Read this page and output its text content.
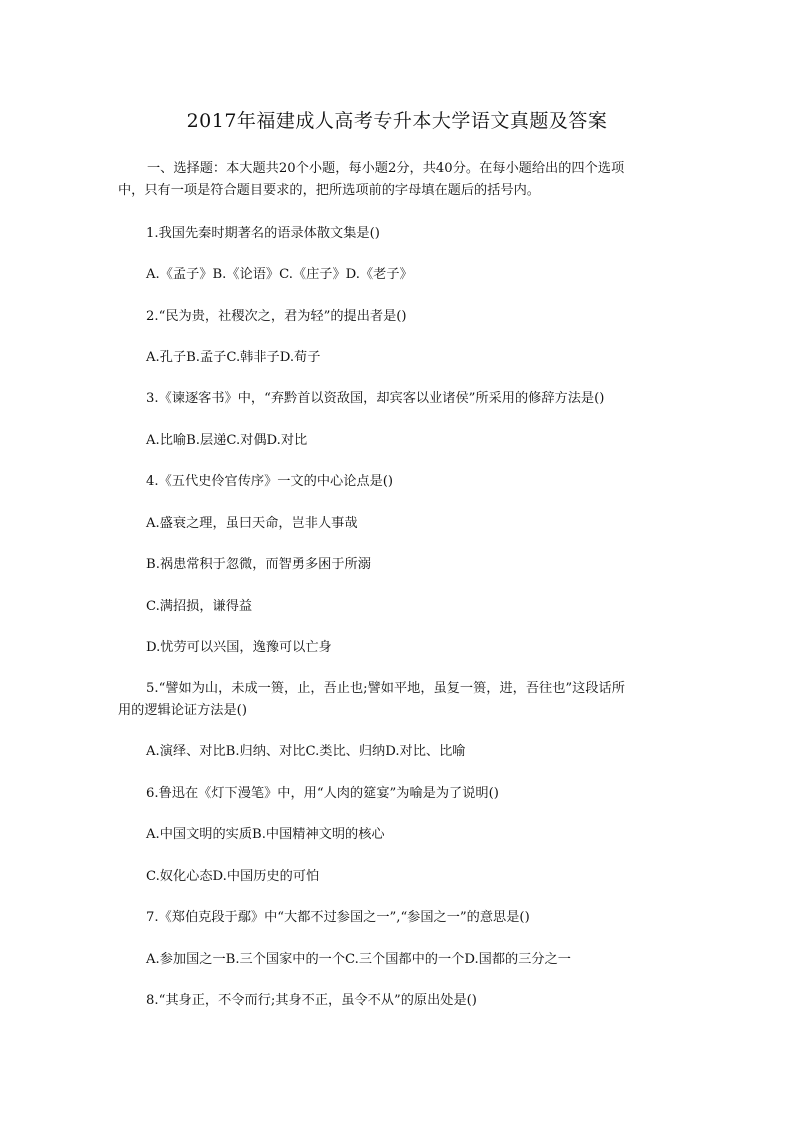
2017年福建成人高考专升本大学语文真题及答案

一、选择题：本大题共20个小题，每小题2分，共40分。在每小题给出的四个选项

中，只有一项是符合题目要求的，把所选项前的字母填在题后的括号内。

1.我国先秦时期著名的语录体散文集是()

A.《孟子》B.《论语》C.《庄子》D.《老子》

2.“民为贵，社稷次之，君为轻”的提出者是()

A.孔子B.孟子C.韩非子D.荀子

3.《谏逐客书》中，“弃黔首以资敌国，却宾客以业诸侯”所采用的修辞方法是()

A.比喻B.层递C.对偶D.对比

4.《五代史伶官传序》一文的中心论点是()

A.盛衰之理，虽曰天命，岂非人事哉

B.祸患常积于忽微，而智勇多困于所溺

C.满招损，谦得益

D.忧劳可以兴国，逸豫可以亡身

5.“譬如为山，未成一篑，止，吾止也;譬如平地，虽复一篑，进，吾往也”这段话所

用的逻辑论证方法是()

A.演绎、对比B.归纳、对比C.类比、归纳D.对比、比喻

6.鲁迅在《灯下漫笔》中，用“人肉的筵宴”为喻是为了说明()

A.中国文明的实质B.中国精神文明的核心

C.奴化心态D.中国历史的可怕

7.《郑伯克段于鄢》中“大都不过参国之一”,“参国之一”的意思是()

A.参加国之一B.三个国家中的一个C.三个国都中的一个D.国都的三分之一

8.“其身正，不令而行;其身不正，虽令不从”的原出处是()
